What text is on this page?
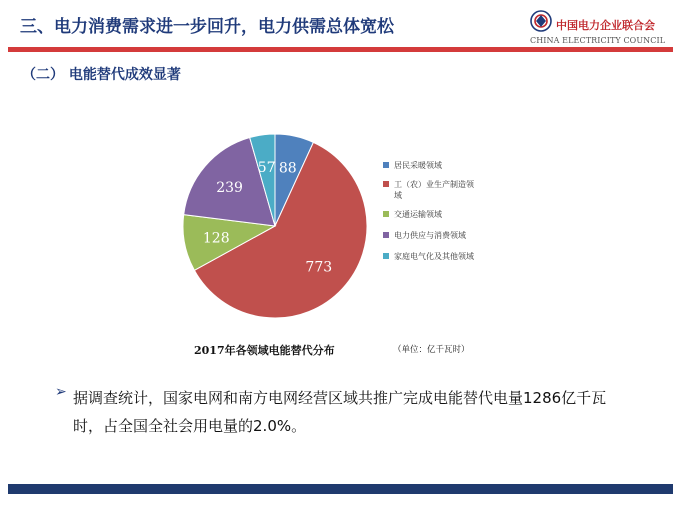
三、电力消费需求进一步回升，电力供需总体宽松	中国电力企业联合会
CHINA ELECTRICITY COUNCIL
（二） 电能替代成效显著
88
773
128
239
57	居民采暖领域
工（农）业生产制造领
域
交通运输领域
电力供应与消费领域
家庭电气化及其他领域
2017年各领域电能替代分布	（单位：亿千瓦时）
➢ 据调查统计，国家电网和南方电网经营区域共推广完成电能替代电量1286亿千瓦时，占全国全社会用电量的2.0%。
